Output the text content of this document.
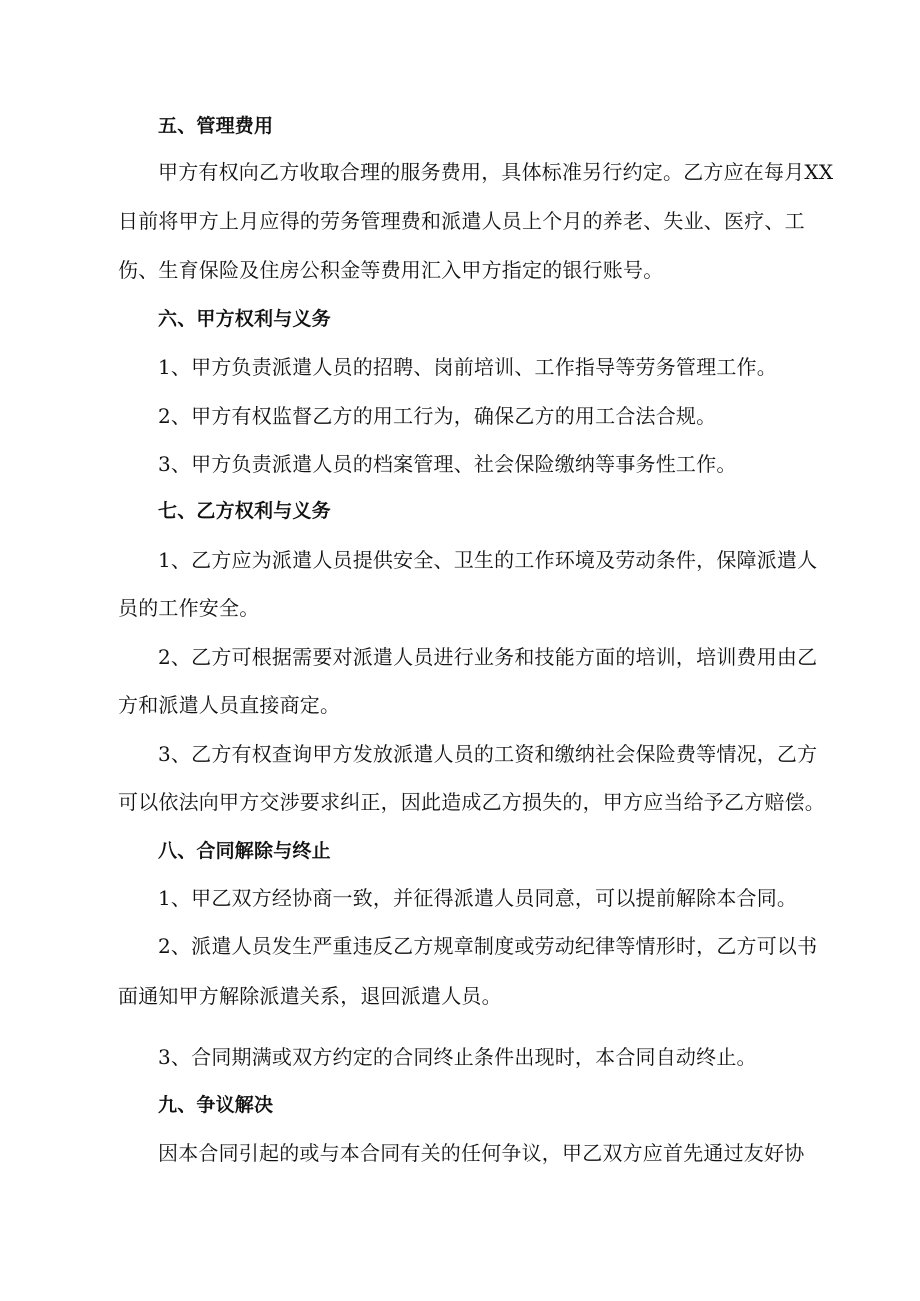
五、管理费用
甲方有权向乙方收取合理的服务费用，具体标准另行约定。乙方应在每月XX
日前将甲方上月应得的劳务管理费和派遣人员上个月的养老、失业、医疗、工
伤、生育保险及住房公积金等费用汇入甲方指定的银行账号。
六、甲方权利与义务
1、甲方负责派遣人员的招聘、岗前培训、工作指导等劳务管理工作。
2、甲方有权监督乙方的用工行为，确保乙方的用工合法合规。
3、甲方负责派遣人员的档案管理、社会保险缴纳等事务性工作。
七、乙方权利与义务
1、乙方应为派遣人员提供安全、卫生的工作环境及劳动条件，保障派遣人
员的工作安全。
2、乙方可根据需要对派遣人员进行业务和技能方面的培训，培训费用由乙
方和派遣人员直接商定。
3、乙方有权查询甲方发放派遣人员的工资和缴纳社会保险费等情况，乙方
可以依法向甲方交涉要求纠正，因此造成乙方损失的，甲方应当给予乙方赔偿。
八、合同解除与终止
1、甲乙双方经协商一致，并征得派遣人员同意，可以提前解除本合同。
2、派遣人员发生严重违反乙方规章制度或劳动纪律等情形时，乙方可以书
面通知甲方解除派遣关系，退回派遣人员。
3、合同期满或双方约定的合同终止条件出现时，本合同自动终止。
九、争议解决
因本合同引起的或与本合同有关的任何争议，甲乙双方应首先通过友好协
